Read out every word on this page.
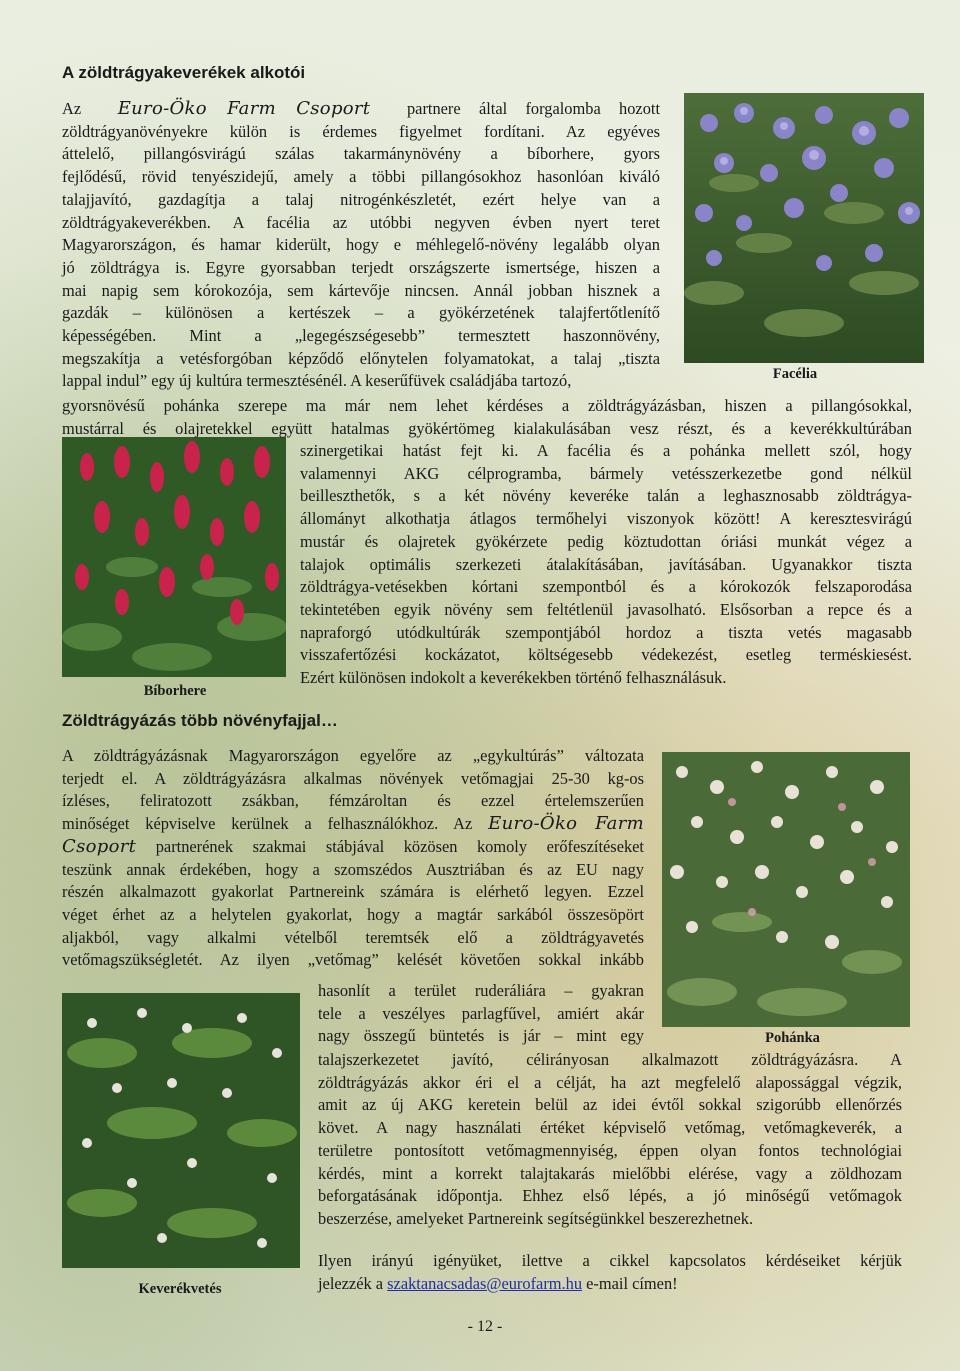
Facélia
Bíborhere
Pohánka
Keverékvetés
A zöldtrágyakeverékek alkotói
Az  Euro-Öko Farm Csoport partnere által forgalomba hozott
zöldtrágyanövényekre külön is érdemes figyelmet fordítani. Az egyéves
áttelelő, pillangósvirágú szálas takarmánynövény a bíborhere, gyors
fejlődésű, rövid tenyészidejű, amely a többi pillangósokhoz hasonlóan kiváló
talajjavító, gazdagítja a talaj nitrogénkészletét, ezért helye van a
zöldtrágyakeverékben. A facélia az utóbbi negyven évben nyert teret
Magyarországon, és hamar kiderült, hogy e méhlegelő-növény legalább olyan
jó zöldtrágya is. Egyre gyorsabban terjedt országszerte ismertsége, hiszen a
mai napig sem kórokozója, sem kártevője nincsen. Annál jobban hisznek a
gazdák – különösen a kertészek – a gyökérzetének talajfertőtlenítő
képességében. Mint a „legegészségesebb” termesztett haszonnövény,
megszakítja a vetésforgóban képződő előnytelen folyamatokat, a talaj „tiszta
lappal indul” egy új kultúra termesztésénél. A keserűfüvek családjába tartozó,
gyorsnövésű pohánka szerepe ma már nem lehet kérdéses a zöldtrágyázásban, hiszen a pillangósokkal,
mustárral és olajretekkel együtt hatalmas gyökértömeg kialakulásában vesz részt, és a keverékkultúrában
szinergetikai hatást fejt ki. A facélia és a pohánka mellett szól, hogy
valamennyi AKG célprogramba, bármely vetésszerkezetbe gond nélkül
beilleszthetők, s a két növény keveréke talán a leghasznosabb zöldtrágya-
állományt alkothatja átlagos termőhelyi viszonyok között! A keresztesvirágú
mustár és olajretek gyökérzete pedig köztudottan óriási munkát végez a
talajok optimális szerkezeti átalakításában, javításában. Ugyanakkor tiszta
zöldtrágya-vetésekben kórtani szempontból és a kórokozók felszaporodása
tekintetében egyik növény sem feltétlenül javasolható. Elsősorban a repce és a
napraforgó utódkultúrák szempontjából hordoz a tiszta vetés magasabb
visszafertőzési kockázatot, költségesebb védekezést, esetleg terméskiesést.
Ezért különösen indokolt a keverékekben történő felhasználásuk.
Zöldtrágyázás több növényfajjal…
A zöldtrágyázásnak Magyarországon egyelőre az „egykultúrás” változata
terjedt el. A zöldtrágyázásra alkalmas növények vetőmagjai 25-30 kg-os
ízléses, feliratozott zsákban, fémzároltan és ezzel értelemszerűen
minőséget képviselve kerülnek a felhasználókhoz. Az Euro-Öko Farm
Csoport partnerének szakmai stábjával közösen komoly erőfeszítéseket
teszünk annak érdekében, hogy a szomszédos Ausztriában és az EU nagy
részén alkalmazott gyakorlat Partnereink számára is elérhető legyen. Ezzel
véget érhet az a helytelen gyakorlat, hogy a magtár sarkából összesöpört
aljakból, vagy alkalmi vételből teremtsék elő a zöldtrágyavetés
vetőmagszükségletét. Az ilyen „vetőmag” kelését követően sokkal inkább
hasonlít a terület ruderáliára – gyakran
tele a veszélyes parlagfűvel, amiért akár
nagy összegű büntetés is jár – mint egy
talajszerkezetet javító, célirányosan alkalmazott zöldtrágyázásra. A
zöldtrágyázás akkor éri el a célját, ha azt megfelelő alapossággal végzik,
amit az új AKG keretein belül az idei évtől sokkal szigorúbb ellenőrzés
követ. A nagy használati értéket képviselő vetőmag, vetőmagkeverék, a
területre pontosított vetőmagmennyiség, éppen olyan fontos technológiai
kérdés, mint a korrekt talajtakarás mielőbbi elérése, vagy a zöldhozam
beforgatásának időpontja. Ehhez első lépés, a jó minőségű vetőmagok
beszerzése, amelyeket Partnereink segítségünkkel beszerezhetnek.
Ilyen irányú igényüket, ilettve a cikkel kapcsolatos kérdéseiket kérjük
jelezzék a szaktanacsadas@eurofarm.hu e-mail címen!
- 12 -
